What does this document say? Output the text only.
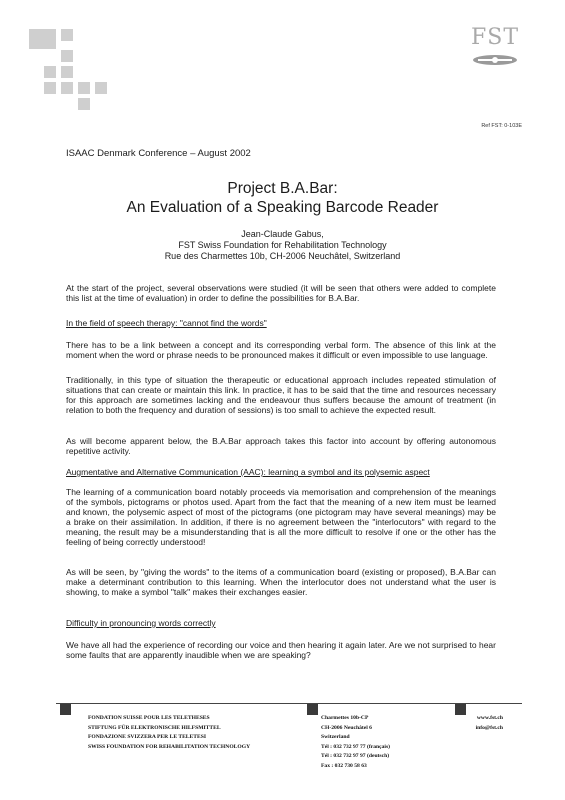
FST
Ref FST: 0-103E
ISAAC Denmark Conference – August 2002
Project B.A.Bar:
An Evaluation of a Speaking Barcode Reader
Jean-Claude Gabus,
FST Swiss Foundation for Rehabilitation Technology
Rue des Charmettes 10b, CH-2006 Neuchâtel, Switzerland

At the start of the project, several observations were studied (it will be seen that others were added to complete this list at the time of evaluation) in order to define the possibilities for B.A.Bar.

In the field of speech therapy: "cannot find the words"

There has to be a link between a concept and its corresponding verbal form. The absence of this link at the moment when the word or phrase needs to be pronounced makes it difficult or even impossible to use language.

Traditionally, in this type of situation the therapeutic or educational approach includes repeated stimulation of situations that can create or maintain this link. In practice, it has to be said that the time and resources necessary for this approach are sometimes lacking and the endeavour thus suffers because the amount of treatment (in relation to both the frequency and duration of sessions) is too small to achieve the expected result.

As will become apparent below, the B.A.Bar approach takes this factor into account by offering autonomous repetitive activity.

Augmentative and Alternative Communication (AAC): learning a symbol and its polysemic aspect

The learning of a communication board notably proceeds via memorisation and comprehension of the meanings of the symbols, pictograms or photos used. Apart from the fact that the meaning of a new item must be learned and known, the polysemic aspect of most of the pictograms (one pictogram may have several meanings) may be a brake on their assimilation. In addition, if there is no agreement between the "interlocutors" with regard to the meaning, the result may be a misunderstanding that is all the more difficult to resolve if one or the other has the feeling of being correctly understood!

As will be seen, by "giving the words" to the items of a communication board (existing or proposed), B.A.Bar can make a determinant contribution to this learning. When the interlocutor does not understand what the user is showing, to make a symbol "talk" makes their exchanges easier.

Difficulty in pronouncing words correctly

We have all had the experience of recording our voice and then hearing it again later. Are we not surprised to hear some faults that are apparently inaudible when we are speaking?

FONDATION SUISSE POUR LES TELETHESES
STIFTUNG FÜR ELEKTRONISCHE HILFSMITTEL
FONDAZIONE SVIZZERA PER LE TELETESI
SWISS FOUNDATION FOR REHABILITATION TECHNOLOGY
Charmettes 10b-CP
CH-2006 Neuchâtel 6
Switzerland
Tél : 032 732 97 77 (français)
Tél : 032 732 97 97 (deutsch)
Fax : 032 730 58 63
www.fst.ch
info@fst.ch
